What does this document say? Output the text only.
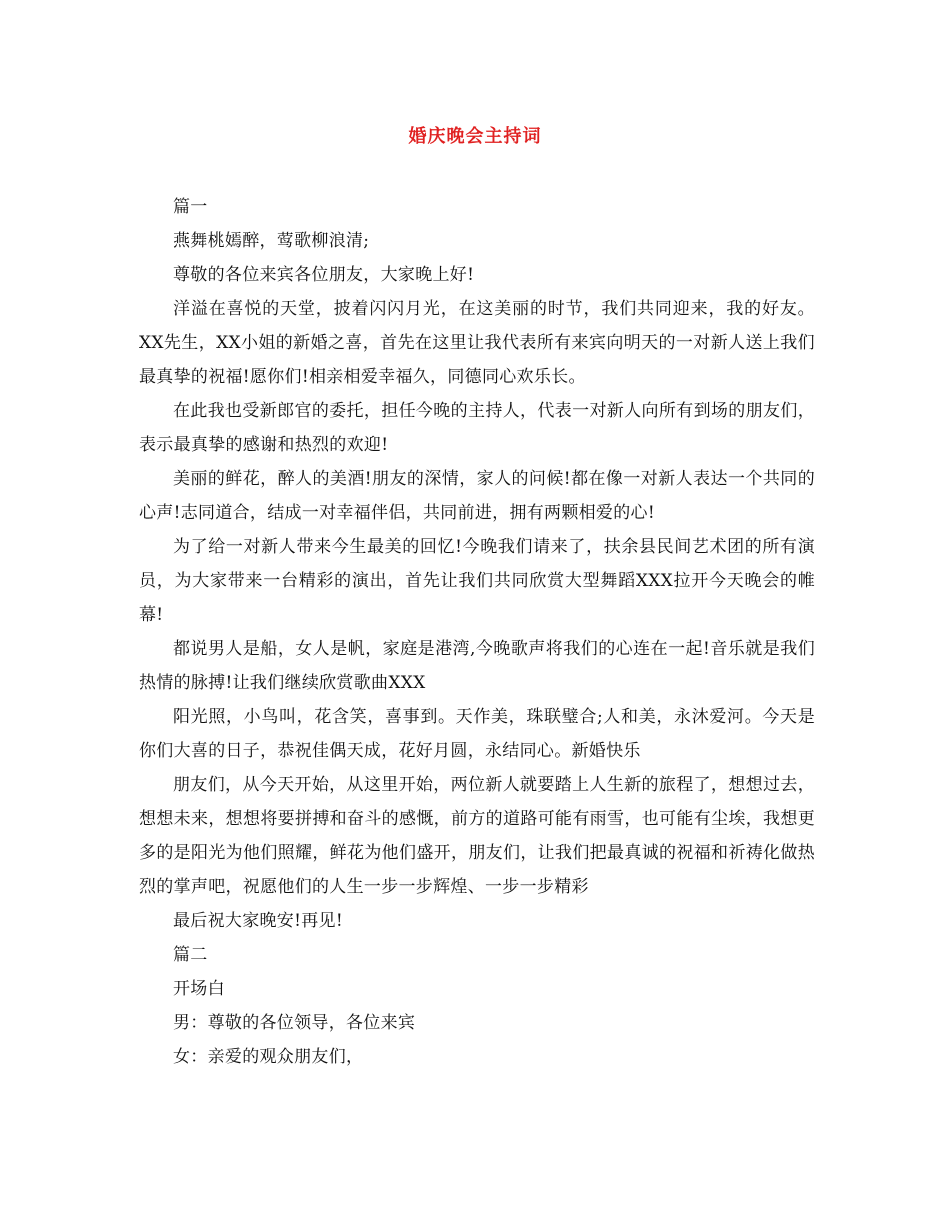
婚庆晚会主持词

篇一

燕舞桃嫣醉，莺歌柳浪清;

尊敬的各位来宾各位朋友，大家晚上好!

洋溢在喜悦的天堂，披着闪闪月光，在这美丽的时节，我们共同迎来，我的好友。XX先生，XX小姐的新婚之喜，首先在这里让我代表所有来宾向明天的一对新人送上我们最真挚的祝福!愿你们!相亲相爱幸福久，同德同心欢乐长。

在此我也受新郎官的委托，担任今晚的主持人，代表一对新人向所有到场的朋友们，表示最真挚的感谢和热烈的欢迎!

美丽的鲜花，醉人的美酒!朋友的深情，家人的问候!都在像一对新人表达一个共同的心声!志同道合，结成一对幸福伴侣，共同前进，拥有两颗相爱的心!

为了给一对新人带来今生最美的回忆!今晚我们请来了，扶余县民间艺术团的所有演员，为大家带来一台精彩的演出，首先让我们共同欣赏大型舞蹈XXX拉开今天晚会的帷幕!

都说男人是船，女人是帆，家庭是港湾,今晚歌声将我们的心连在一起!音乐就是我们热情的脉搏!让我们继续欣赏歌曲XXX

阳光照，小鸟叫，花含笑，喜事到。天作美，珠联璧合;人和美，永沐爱河。今天是你们大喜的日子，恭祝佳偶天成，花好月圆，永结同心。新婚快乐

朋友们，从今天开始，从这里开始，两位新人就要踏上人生新的旅程了，想想过去，想想未来，想想将要拼搏和奋斗的感慨，前方的道路可能有雨雪，也可能有尘埃，我想更多的是阳光为他们照耀，鲜花为他们盛开，朋友们，让我们把最真诚的祝福和祈祷化做热烈的掌声吧，祝愿他们的人生一步一步辉煌、一步一步精彩

最后祝大家晚安!再见!

篇二

开场白

男：尊敬的各位领导，各位来宾

女：亲爱的观众朋友们，
